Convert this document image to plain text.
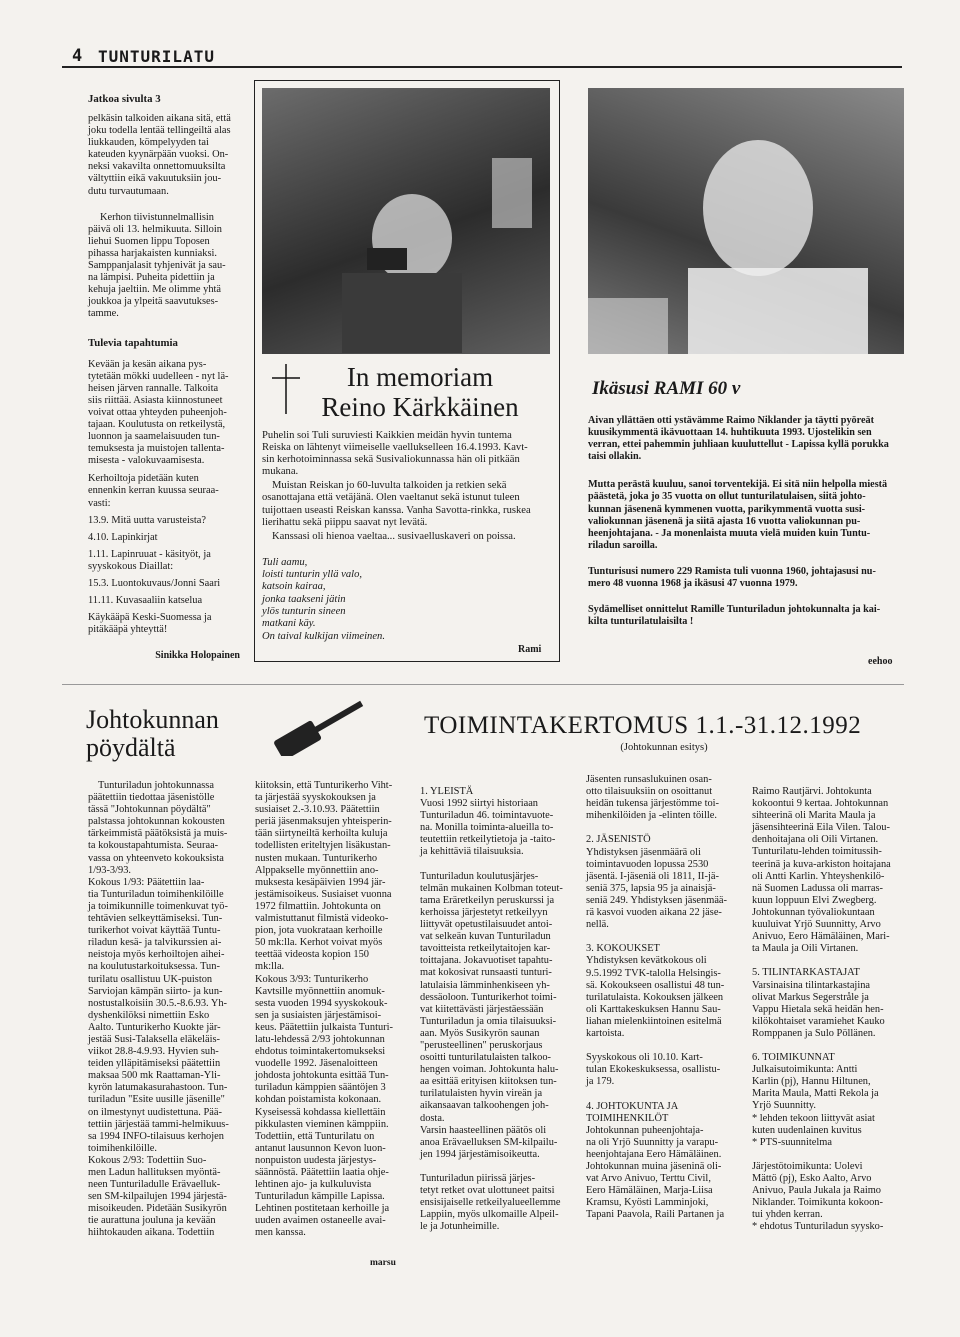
4 TUNTURILATU
Jatkoa sivulta 3
pelkäsin talkoiden aikana sitä, että
joku todella lentää tellingeiltä alas
liukkauden, kömpelyyden tai
kateuden kyynärpään vuoksi. On-
neksi vakavilta onnettomuuksilta
vältyttiin eikä vakuutuksiin jou-
dutu turvautumaan.
Kerhon tiivistunnelmallisin
päivä oli 13. helmikuuta. Silloin
liehui Suomen lippu Toposen
pihassa harjakaisten kunniaksi.
Samppanjalasit tyhjenivät ja sau-
na lämpisi. Puheita pidettiin ja
kehuja jaeltiin. Me olimme yhtä
joukkoa ja ylpeitä saavutukses-
tamme.
Tulevia tapahtumia
Kevään ja kesän aikana pys-
tytetään mökki uudelleen - nyt lä-
heisen järven rannalle. Talkoita
siis riittää. Asiasta kiinnostuneet
voivat ottaa yhteyden puheenjoh-
tajaan. Koulutusta on retkeilystä,
luonnon ja saamelaisuuden tun-
temuksesta ja muistojen tallenta-
misesta - valokuvaamisesta.
Kerhoiltoja pidetään kuten
ennenkin kerran kuussa seuraa-
vasti:
13.9. Mitä uutta varusteista?
4.10. Lapinkirjat
1.11. Lapinruuat - käsityöt, ja
syyskokous Diaillat:
15.3. Luontokuvaus/Jonni Saari
11.11. Kuvasaaliin katselua
Käykääpä Keski-Suomessa ja
pitäkääpä yhteyttä!
Sinikka Holopainen
In memoriam
Reino Kärkkäinen
Puhelin soi Tuli suruviesti Kaikkien meidän hyvin tuntema
Reiska on lähtenyt viimeiselle vaellukselleen 16.4.1993. Kavt-
sin kerhotoiminnassa sekä Susivaliokunnassa hän oli pitkään
mukana.
Muistan Reiskan jo 60-luvulta talkoiden ja retkien sekä
osanottajana että vetäjänä. Olen vaeltanut sekä istunut tuleen
tuijottaen useasti Reiskan kanssa. Vanha Savotta-rinkka, ruskea
lierihattu sekä piippu saavat nyt levätä.
Kanssasi oli hienoa vaeltaa... susivaelluskaveri on poissa.
Tuli aamu,
loisti tunturin yllä valo,
katsoin kairaa,
jonka taakseni jätin
ylös tunturin sineen
matkani käy.
On taival kulkijan viimeinen.
Rami
Ikäsusi RAMI 60 v
Aivan yllättäen otti ystävämme Raimo Niklander ja täytti pyöreät
kuusikymmentä ikävuottaan 14. huhtikuuta 1993. Ujostelikin sen
verran, ettei pahemmin juhliaan kuuluttellut - Lapissa kyllä porukka
taisi ollakin.
Mutta perästä kuuluu, sanoi torventekijä. Ei sitä niin helpolla miestä
päästetä, joka jo 35 vuotta on ollut tunturilatulaisen, siitä johto-
kunnan jäsenenä kymmenen vuotta, parikymmentä vuotta susi-
valiokunnan jäsenenä ja siitä ajasta 16 vuotta valiokunnan pu-
heenjohtajana. - Ja monenlaista muuta vielä muiden kuin Tuntu-
riladun saroilla.
Tunturisusi numero 229 Ramista tuli vuonna 1960, johtajasusi nu-
mero 48 vuonna 1968 ja ikäsusi 47 vuonna 1979.
Sydämelliset onnittelut Ramille Tunturiladun johtokunnalta ja kai-
kilta tunturilatulaisilta !
eehoo
Johtokunnan
pöydältä
Tunturiladun johtokunnassa
päätettiin tiedottaa jäsenistölle
tässä "Johtokunnan pöydältä"
palstassa johtokunnan kokousten
tärkeimmistä päätöksistä ja muis-
ta kokoustapahtumista. Seuraa-
vassa on yhteenveto kokouksista
1/93-3/93.
Kokous 1/93: Päätettiin laa-
tia Tunturiladun toimihenkilöille
ja toimikunnille toimenkuvat työ-
tehtävien selkeyttämiseksi. Tun-
turikerhot voivat käyttää Tuntu-
riladun kesä- ja talvikurssien ai-
neistoja myös kerhoiltojen aihei-
na koulutustarkoituksessa. Tun-
turilatu osallistuu UK-puiston
Sarviojan kämpän siirto- ja kun-
nostustalkoisiin 30.5.-8.6.93. Yh-
dyshenkilöksi nimettiin Esko
Aalto. Tunturikerho Kuokte jär-
jestää Susi-Talaksella eläkeläis-
viikot 28.8-4.9.93. Hyvien suh-
teiden ylläpitämiseksi päätettiin
maksaa 500 mk Raattaman-Yli-
kyrön latumakasurahastoon. Tun-
turiladun "Esite uusille jäsenille"
on ilmestynyt uudistettuna. Pää-
tettiin järjestää tammi-helmikuus-
sa 1994 INFO-tilaisuus kerhojen
toimihenkilöille.
Kokous 2/93: Todettiin Suo-
men Ladun hallituksen myöntä-
neen Tunturiladulle Erävaelluk-
sen SM-kilpailujen 1994 järjestä-
misoikeuden. Pidetään Susikyrön
tie aurattuna jouluna ja kevään
hiihtokauden aikana. Todettiin
kiitoksin, että Tunturikerho Viht-
ta järjestää syyskokouksen ja
susiaiset 2.-3.10.93. Päätettiin
periä jäsenmaksujen yhteisperin-
tään siirtyneiltä kerhoilta kuluja
todellisten eriteltyjen lisäkustan-
nusten mukaan. Tunturikerho
Alppakselle myönnettiin ano-
muksesta kesäpäivien 1994 jär-
jestämisoikeus. Susiaiset vuonna
1972 filmattiin. Johtokunta on
valmistuttanut filmistä videoko-
pion, jota vuokrataan kerhoille
50 mk:lla. Kerhot voivat myös
teettää videosta kopion 150
mk:lla.
Kokous 3/93: Tunturikerho
Kavtsille myönnettiin anomuk-
sesta vuoden 1994 syyskokouk-
sen ja susiaisten järjestämisoi-
keus. Päätettiin julkaista Tunturi-
latu-lehdessä 2/93 johtokunnan
ehdotus toimintakertomukseksi
vuodelle 1992. Jäsenaloitteen
johdosta johtokunta esittää Tun-
turiladun kämppien sääntöjen 3
kohdan poistamista kokonaan.
Kyseisessä kohdassa kiellettäin
pikkulasten vieminen kämppiin.
Todettiin, että Tunturilatu on
antanut lausunnon Kevon luon-
nonpuiston uudesta järjestys-
säännöstä. Päätettiin laatia ohje-
lehtinen ajo- ja kulkuluvista
Tunturiladun kämpille Lapissa.
Lehtinen postitetaan kerhoille ja
uuden avaimen ostaneelle avai-
men kanssa.
marsu
TOIMINTAKERTOMUS 1.1.-31.12.1992
(Johtokunnan esitys)
1. YLEISTÄ
Vuosi 1992 siirtyi historiaan
Tunturiladun 46. toimintavuote-
na. Monilla toiminta-alueilla to-
teutettiin retkeilytietoja ja -taito-
ja kehittäviä tilaisuuksia.

Tunturiladun koulutusjärjes-
telmän mukainen Kolbman toteut-
tama Eräretkeilyn peruskurssi ja
kerhoissa järjestetyt retkeilyyn
liittyvät opetustilaisuudet antoi-
vat selkeän kuvan Tunturiladun
tavoitteista retkeilytaitojen kar-
toittajana. Jokavuotiset tapahtu-
mat kokosivat runsaasti tunturi-
latulaisia lämminhenkiseen yh-
dessäoloon. Tunturikerhot toimi-
vat kiitettävästi järjestäessään
Tunturiladun ja omia tilaisuuksi-
aan. Myös Susikyrön saunan
"perusteellinen" peruskorjaus
osoitti tunturilatulaisten talkoo-
hengen voiman. Johtokunta halu-
aa esittää erityisen kiitoksen tun-
turilatulaisten hyvin vireän ja
aikansaavan talkoohengen joh-
dosta.
Varsin haasteellinen päätös oli
anoa Erävaelluksen SM-kilpailu-
jen 1994 järjestämisoikeutta.

Tunturiladun piirissä järjes-
tetyt retket ovat ulottuneet paitsi
ensisijaiselle retkeilyalueellemme
Lappiin, myös ulkomaille Alpeil-
le ja Jotunheimille.
Jäsenten runsaslukuinen osan-
otto tilaisuuksiin on osoittanut
heidän tukensa järjestömme toi-
mihenkilöiden ja -elinten töille.

2. JÄSENISTÖ
Yhdistyksen jäsenmäärä oli
toimintavuoden lopussa 2530
jäsentä. I-jäseniä oli 1811, II-jä-
seniä 375, lapsia 95 ja ainaisjä-
seniä 249. Yhdistyksen jäsenmää-
rä kasvoi vuoden aikana 22 jäse-
nellä.

3. KOKOUKSET
Yhdistyksen kevätkokous oli
9.5.1992 TVK-talolla Helsingis-
sä. Kokoukseen osallistui 48 tun-
turilatulaista. Kokouksen jälkeen
oli Karttakeskuksen Hannu Sau-
liahan mielenkiintoinen esitelmä
kartoista.

Syyskokous oli 10.10. Kart-
tulan Ekokeskuksessa, osallistu-
ja 179.

4. JOHTOKUNTA JA
TOIMIHENKILÖT
Johtokunnan puheenjohtaja-
na oli Yrjö Suunnitty ja varapu-
heenjohtajana Eero Hämäläinen.
Johtokunnan muina jäseninä oli-
vat Arvo Anivuo, Terttu Civil,
Eero Hämäläinen, Marja-Liisa
Kramsu, Kyösti Lamminjoki,
Tapani Paavola, Raili Partanen ja
Raimo Rautjärvi. Johtokunta
kokoontui 9 kertaa. Johtokunnan
sihteerinä oli Marita Maula ja
jäsensihteerinä Eila Vilen. Talou-
denhoitajana oli Oili Virtanen.
Tunturilatu-lehden toimitussih-
teerinä ja kuva-arkiston hoitajana
oli Antti Karlin. Yhteyshenkilö-
nä Suomen Ladussa oli marras-
kuun loppuun Elvi Zwegberg.
Johtokunnan työvaliokuntaan
kuuluivat Yrjö Suunnitty, Arvo
Anivuo, Eero Hämäläinen, Mari-
ta Maula ja Oili Virtanen.

5. TILINTARKASTAJAT
Varsinaisina tilintarkastajina
olivat Markus Segerstråle ja
Vappu Hietala sekä heidän hen-
kilökohtaiset varamiehet Kauko
Romppanen ja Sulo Pöllänen.

6. TOIMIKUNNAT
Julkaisutoimikunta: Antti
Karlin (pj), Hannu Hiltunen,
Marita Maula, Matti Rekola ja
Yrjö Suunnitty.
* lehden tekoon liittyvät asiat
kuten uudenlainen kuvitus
* PTS-suunnitelma

Järjestötoimikunta: Uolevi
Mättö (pj), Esko Aalto, Arvo
Anivuo, Paula Jukala ja Raimo
Niklander. Toimikunta kokoon-
tui yhden kerran.
* ehdotus Tunturiladun syysko-
